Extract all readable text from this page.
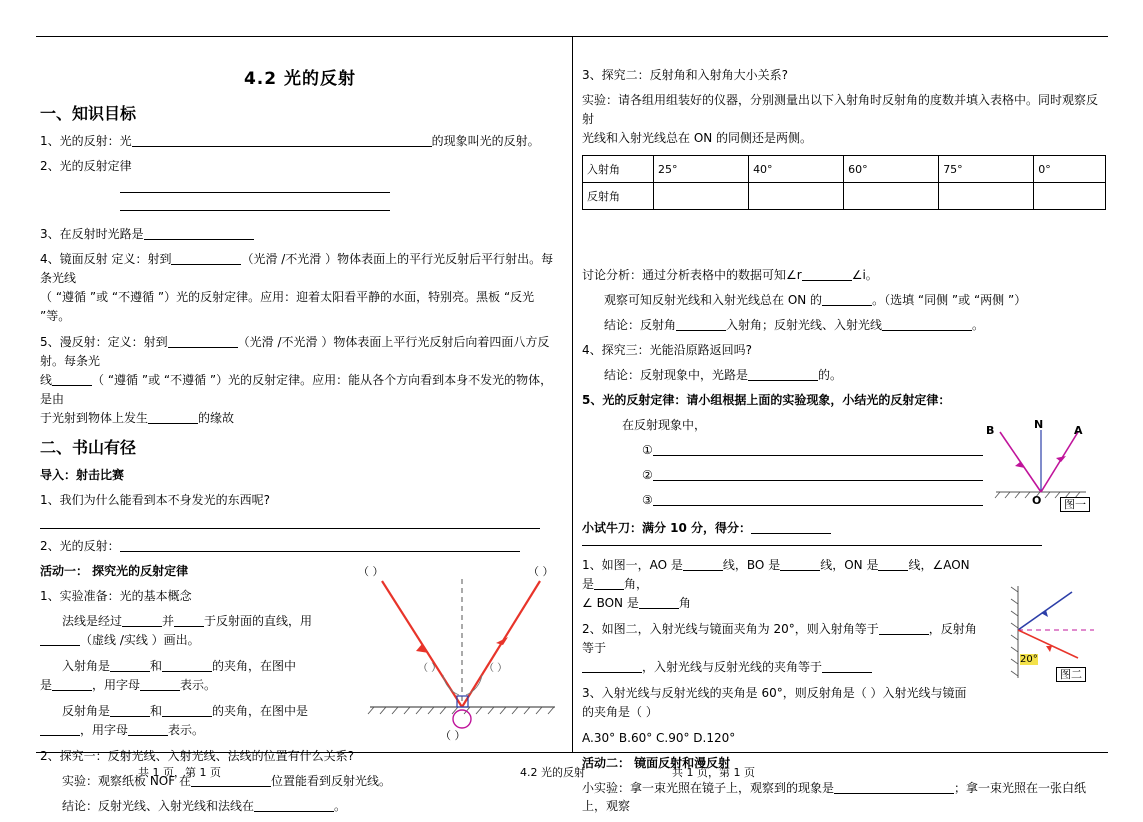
4.2 光的反射
一、知识目标

1、光的反射：光	的现象叫光的反射。

2、光的反射定律

3、在反射时光路是

4、镜面反射 定义：射到	（光滑 /不光滑 ）物体表面上的平行光反射后平行射出。每条光线
（ “遵循 ”或 “不遵循 ”）光的反射定律。应用：迎着太阳看平静的水面，特别亮。黑板 “反光 ”等。

5、漫反射：定义：射到	（光滑 /不光滑 ）物体表面上平行光反射后向着四面八方反射。每条光
线	（ “遵循 ”或 “不遵循 ”）光的反射定律。应用：能从各个方向看到本身不发光的物体，是由
于光射到物体上发生	的缘故

二、书山有径

导入：射击比赛

1、我们为什么能看到本不身发光的东西呢?

2、光的反射：

活动一： 探究光的反射定律

1、实验准备：光的基本概念

法线是经过	并	于反射面的直线，用
（虚线 /实线 ）画出。

入射角是	和	的夹角，在图中
是	，用字母	表示。

反射角是	和	的夹角，在图中是
，用字母	表示。

（ ）	（ ）
（ ）	（ ）
（ ）

2、探究一：反射光线、入射光线、法线的位置有什么关系?

实验：观察纸板 NOF 在	位置能看到反射光线。

结论：反射光线、入射光线和法线在	。

3、探究二：反射角和入射角大小关系?

实验：请各组用组装好的仪器，分别测量出以下入射角时反射角的度数并填入表格中。同时观察反射
光线和入射光线总在 ON 的同侧还是两侧。

入射角	25°	40°	60°	75°	0°
反射角					

讨论分析：通过分析表格中的数据可知∠r	∠i。

观察可知反射光线和入射光线总在 ON 的	。（选填 “同侧 ”或 “两侧 ”）

结论：反射角	入射角；反射光线、入射光线	。

4、探究三：光能沿原路返回吗?

结论：反射现象中，光路是	的。

5、光的反射定律：请小组根据上面的实验现象，小结光的反射定律：

在反射现象中，

①

②

③

小试牛刀：满分 10 分，得分：

1、如图一，AO 是	线，BO 是	线，ON 是	线，∠AON 是	角，
∠ BON 是	角

2、如图二，入射光线与镜面夹角为 20°，则入射角等于	，反射角等于
，入射光线与反射光线的夹角等于

3、入射光线与反射光线的夹角是 60°，则反射角是（ ）入射光线与镜面
的夹角是（ ）

A.30° B.60° C.90° D.120°

活动二： 镜面反射和漫反射

小实验：拿一束光照在镜子上，观察到的现象是	；拿一束光照在一张白纸上，观察

B	N	A
O	图一
20°
图二
共 1 页，第 1 页	4.2 光的反射	共 1 页，第 1 页
